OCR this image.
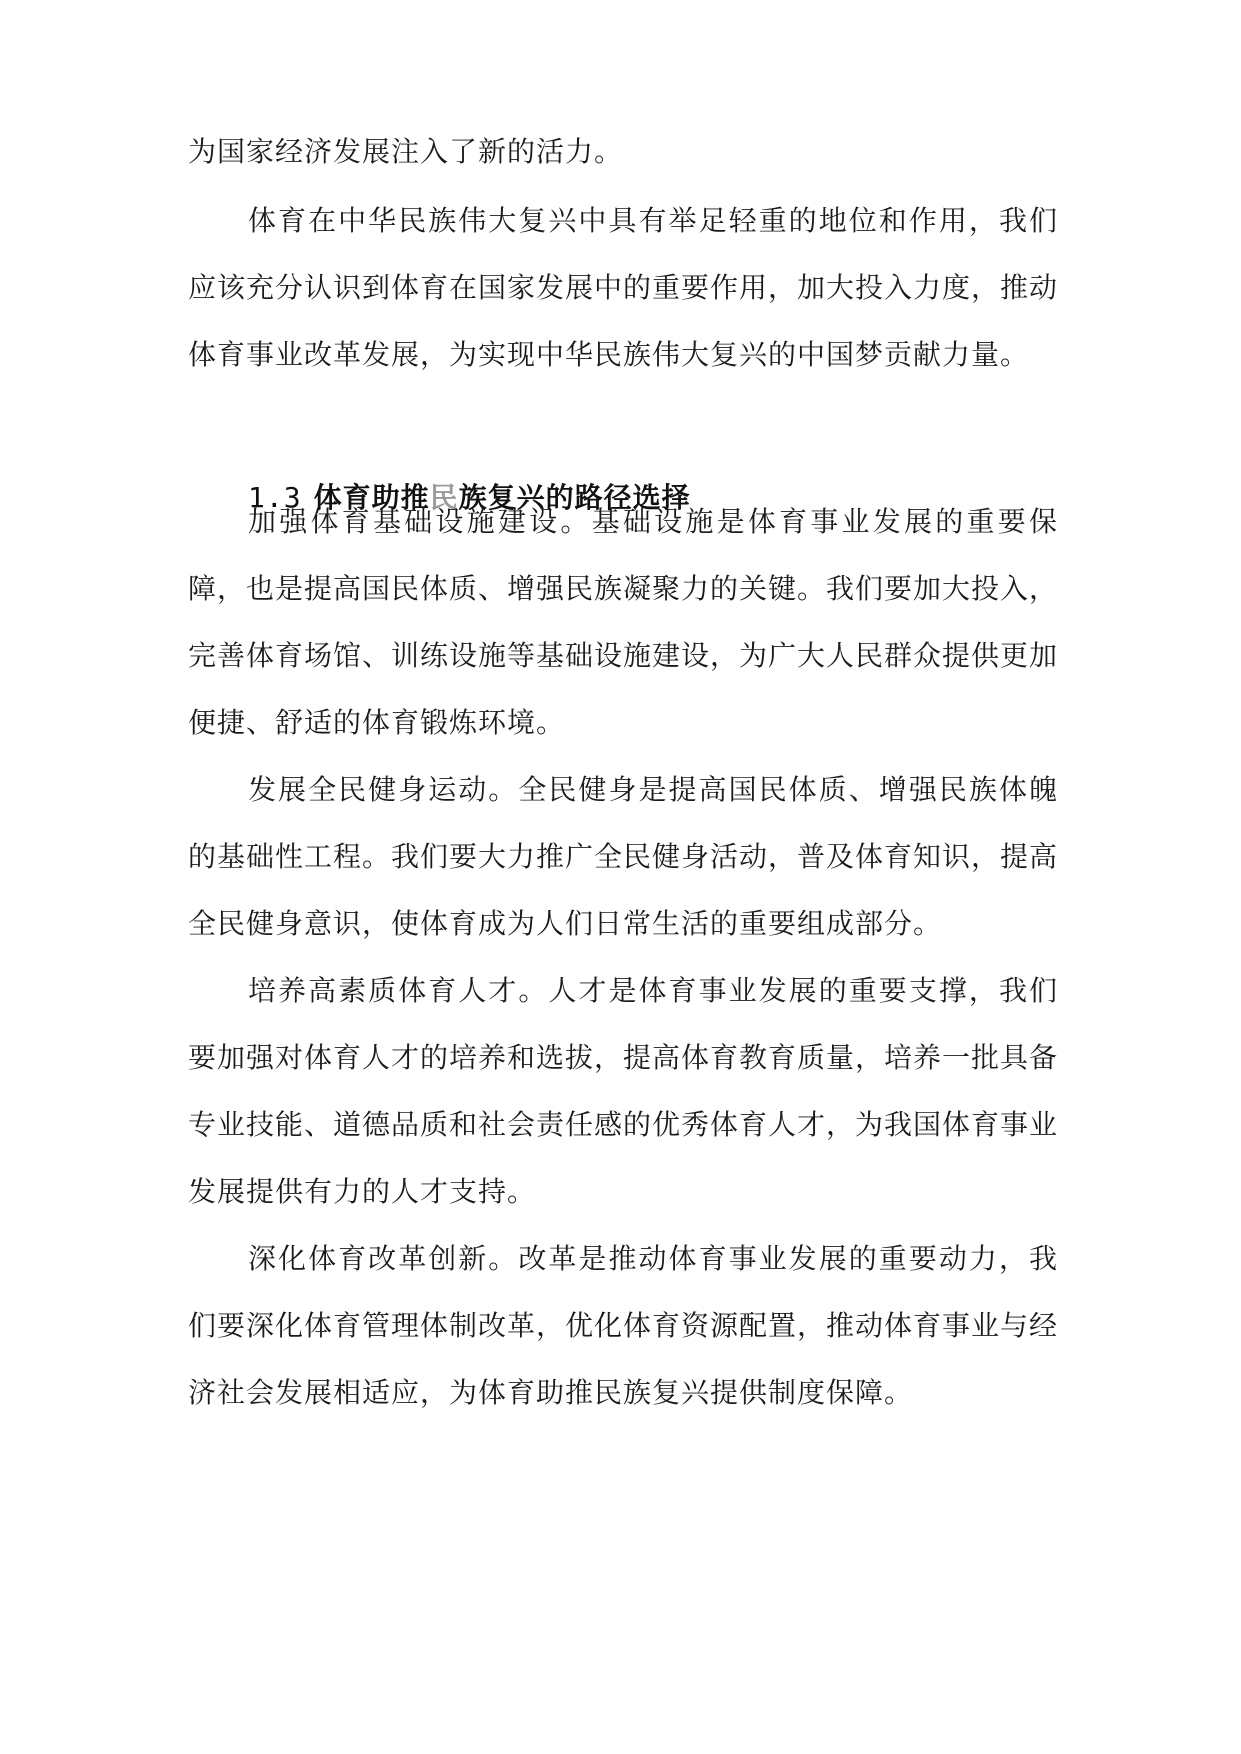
为国家经济发展注入了新的活力。
体育在中华民族伟大复兴中具有举足轻重的地位和作用，我们应该充分认识到体育在国家发展中的重要作用，加大投入力度，推动体育事业改革发展，为实现中华民族伟大复兴的中国梦贡献力量。
1.3 体育助推民族复兴的路径选择
加强体育基础设施建设。基础设施是体育事业发展的重要保障，也是提高国民体质、增强民族凝聚力的关键。我们要加大投入，完善体育场馆、训练设施等基础设施建设，为广大人民群众提供更加便捷、舒适的体育锻炼环境。
发展全民健身运动。全民健身是提高国民体质、增强民族体魄的基础性工程。我们要大力推广全民健身活动，普及体育知识，提高全民健身意识，使体育成为人们日常生活的重要组成部分。
培养高素质体育人才。人才是体育事业发展的重要支撑，我们要加强对体育人才的培养和选拔，提高体育教育质量，培养一批具备专业技能、道德品质和社会责任感的优秀体育人才，为我国体育事业发展提供有力的人才支持。
深化体育改革创新。改革是推动体育事业发展的重要动力，我们要深化体育管理体制改革，优化体育资源配置，推动体育事业与经济社会发展相适应，为体育助推民族复兴提供制度保障。
